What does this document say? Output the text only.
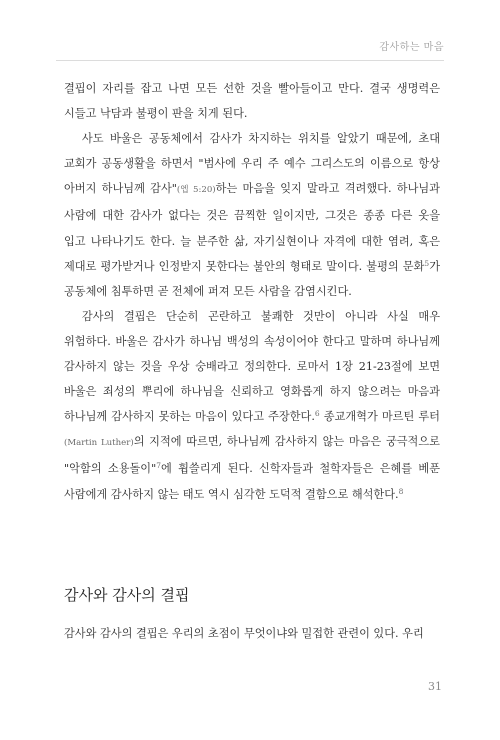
감사하는 마음

결핍이 자리를 잡고 나면 모든 선한 것을 빨아들이고 만다. 결국 생명력은 시들고 낙담과 불평이 판을 치게 된다.

사도 바울은 공동체에서 감사가 차지하는 위치를 알았기 때문에, 초대 교회가 공동생활을 하면서 "범사에 우리 주 예수 그리스도의 이름으로 항상 아버지 하나님께 감사"(엡 5:20)하는 마음을 잊지 말라고 격려했다. 하나님과 사람에 대한 감사가 없다는 것은 끔찍한 일이지만, 그것은 종종 다른 옷을 입고 나타나기도 한다. 늘 분주한 삶, 자기실현이나 자격에 대한 염려, 혹은 제대로 평가받거나 인정받지 못한다는 불안의 형태로 말이다. 불평의 문화$^5$가 공동체에 침투하면 곧 전체에 퍼져 모든 사람을 감염시킨다.

감사의 결핍은 단순히 곤란하고 불쾌한 것만이 아니라 사실 매우 위험하다. 바울은 감사가 하나님 백성의 속성이어야 한다고 말하며 하나님께 감사하지 않는 것을 우상 숭배라고 정의한다. 로마서 1장 21-23절에 보면 바울은 죄성의 뿌리에 하나님을 신뢰하고 영화롭게 하지 않으려는 마음과 하나님께 감사하지 못하는 마음이 있다고 주장한다.$^6$ 종교개혁가 마르틴 루터(Martin Luther)의 지적에 따르면, 하나님께 감사하지 않는 마음은 궁극적으로 "악함의 소용돌이"$^7$에 휩쓸리게 된다. 신학자들과 철학자들은 은혜를 베푼 사람에게 감사하지 않는 태도 역시 심각한 도덕적 결함으로 해석한다.$^8$

감사와 감사의 결핍

감사와 감사의 결핍은 우리의 초점이 무엇이냐와 밀접한 관련이 있다. 우리

31
